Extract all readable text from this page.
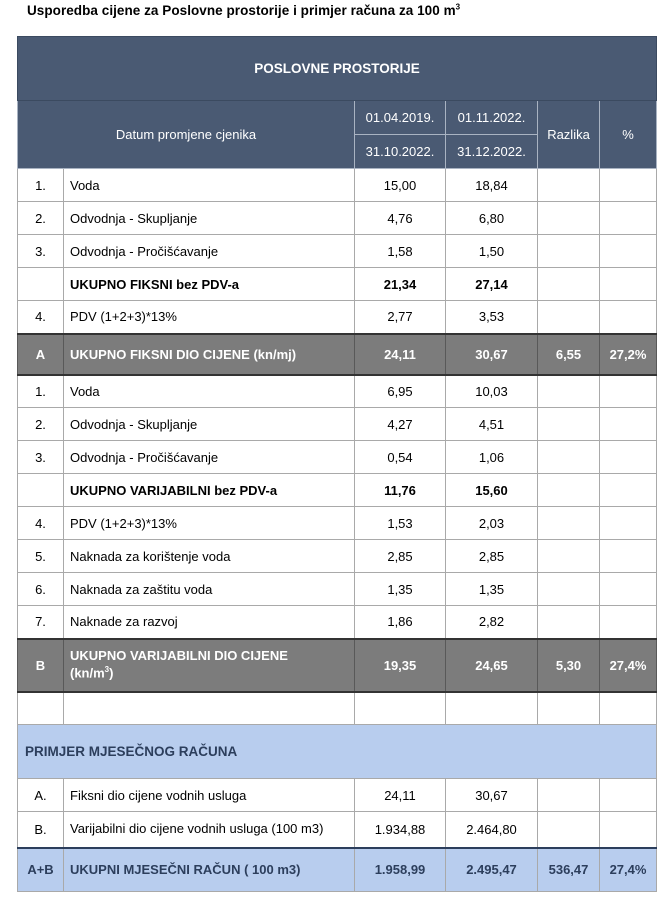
Usporedba cijene za Poslovne prostorije i primjer računa za 100 $m^3$
POSLOVNE PROSTORIJE					
Datum promjene cjenika		01.04.2019.	01.11.2022.	Razlika	%
		31.10.2022.	31.12.2022.		
1.	Voda	15,00	18,84		
2.	Odvodnja - Skupljanje	4,76	6,80		
3.	Odvodnja - Pročišćavanje	1,58	1,50		
	UKUPNO FIKSNI bez PDV-a	21,34	27,14		
4.	PDV (1+2+3)*13%	2,77	3,53		
A	UKUPNO FIKSNI DIO CIJENE (kn/mj)	24,11	30,67	6,55	27,2%
1.	Voda	6,95	10,03		
2.	Odvodnja - Skupljanje	4,27	4,51		
3.	Odvodnja - Pročišćavanje	0,54	1,06		
	UKUPNO VARIJABILNI bez PDV-a	11,76	15,60		
4.	PDV (1+2+3)*13%	1,53	2,03		
5.	Naknada za korištenje voda	2,85	2,85		
6.	Naknada za zaštitu voda	1,35	1,35		
7.	Naknade za razvoj	1,86	2,82		
B	UKUPNO VARIJABILNI DIO CIJENE
$(kn/m^3)$	19,35	24,65	5,30	27,4%

PRIMJER MJESEČNOG RAČUNA					
A.	Fiksni dio cijene vodnih usluga	24,11	30,67		
B.	Varijabilni dio cijene vodnih usluga (100 m3)	1.934,88	2.464,80		
A+B	UKUPNI MJESEČNI RAČUN ( 100 m3)	1.958,99	2.495,47	536,47	27,4%
